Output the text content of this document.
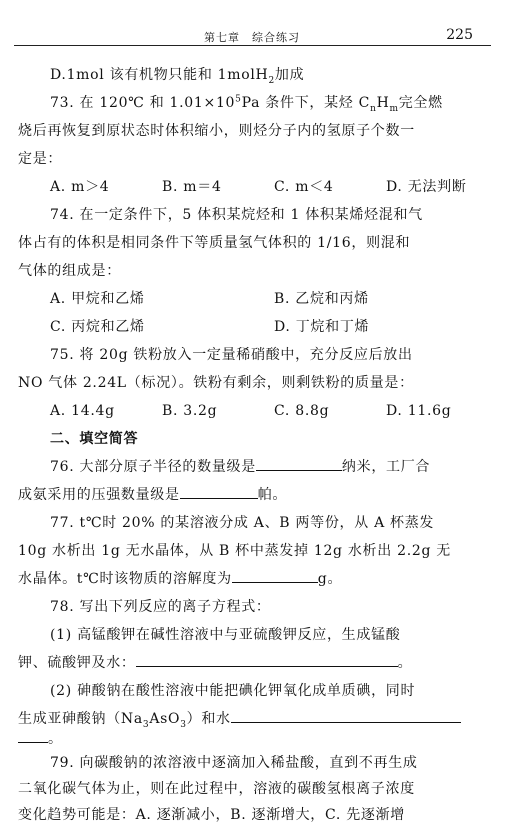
第七章　综合练习	225
D.1mol 该有机物只能和 1molH$_2$加成
73. 在 120℃ 和 $1.01\times 10^5Pa$ 条件下，某烃 $C_nH_m$完全燃
烧后再恢复到原状态时体积缩小，则烃分子内的氢原子个数一
定是：
A. m＞4	B. m＝4	C. m＜4	D. 无法判断
74. 在一定条件下，5 体积某烷烃和 1 体积某烯烃混和气
体占有的体积是相同条件下等质量氢气体积的 1/16，则混和
气体的组成是：
A. 甲烷和乙烯	B. 乙烷和丙烯
C. 丙烷和乙烯	D. 丁烷和丁烯
75. 将 20g 铁粉放入一定量稀硝酸中，充分反应后放出
NO 气体 2.24L（标况）。铁粉有剩余，则剩铁粉的质量是：
A. 14.4g	B. 3.2g	C. 8.8g	D. 11.6g
二、填空简答
76. 大部分原子半径的数量级是	纳米，工厂合
成氨采用的压强数量级是	帕。
77. t℃时 20% 的某溶液分成 A、B 两等份，从 A 杯蒸发
10g 水析出 1g 无水晶体，从 B 杯中蒸发掉 12g 水析出 2.2g 无
水晶体。t℃时该物质的溶解度为	g。
78. 写出下列反应的离子方程式：
(1) 高锰酸钾在碱性溶液中与亚硫酸钾反应，生成锰酸
钾、硫酸钾及水：	。
(2) 砷酸钠在酸性溶液中能把碘化钾氧化成单质碘，同时
生成亚砷酸钠$(Na_3AsO_3)$和水
。
79. 向碳酸钠的浓溶液中逐滴加入稀盐酸，直到不再生成
二氧化碳气体为止，则在此过程中，溶液的碳酸氢根离子浓度
变化趋势可能是：A. 逐渐减小，B. 逐渐增大，C. 先逐渐增
